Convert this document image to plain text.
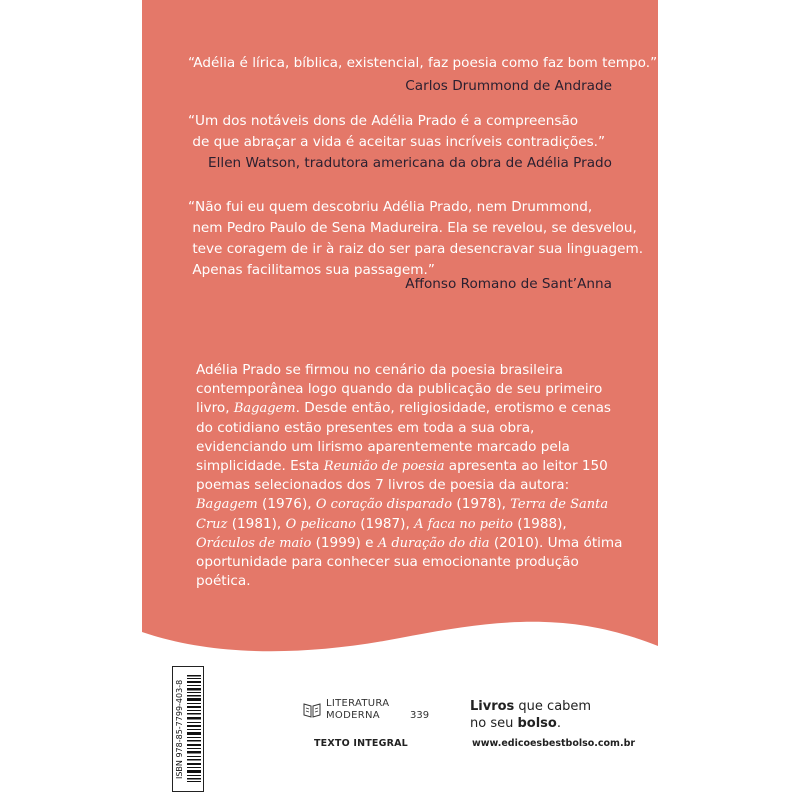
“Adélia é lírica, bíblica, existencial, faz poesia como faz bom tempo.”
Carlos Drummond de Andrade
“Um dos notáveis dons de Adélia Prado é a compreensão
de que abraçar a vida é aceitar suas incríveis contradições.”
Ellen Watson, tradutora americana da obra de Adélia Prado
“Não fui eu quem descobriu Adélia Prado, nem Drummond,
nem Pedro Paulo de Sena Madureira. Ela se revelou, se desvelou,
teve coragem de ir à raiz do ser para desencravar sua linguagem.
Apenas facilitamos sua passagem.”
Affonso Romano de Sant’Anna
Adélia Prado se firmou no cenário da poesia brasileira contemporânea logo quando da publicação de seu primeiro livro, Bagagem. Desde então, religiosidade, erotismo e cenas do cotidiano estão presentes em toda a sua obra, evidenciando um lirismo aparentemente marcado pela simplicidade. Esta Reunião de poesia apresenta ao leitor 150 poemas selecionados dos 7 livros de poesia da autora: Bagagem (1976), O coração disparado (1978), Terra de Santa Cruz (1981), O pelicano (1987), A faca no peito (1988), Oráculos de maio (1999) e A duração do dia (2010). Uma ótima oportunidade para conhecer sua emocionante produção poética.
ISBN 978-85-7799-403-8	LITERATURA
MODERNA	339
TEXTO INTEGRAL
Livros que cabem
no seu bolso.
www.edicoesbestbolso.com.br
